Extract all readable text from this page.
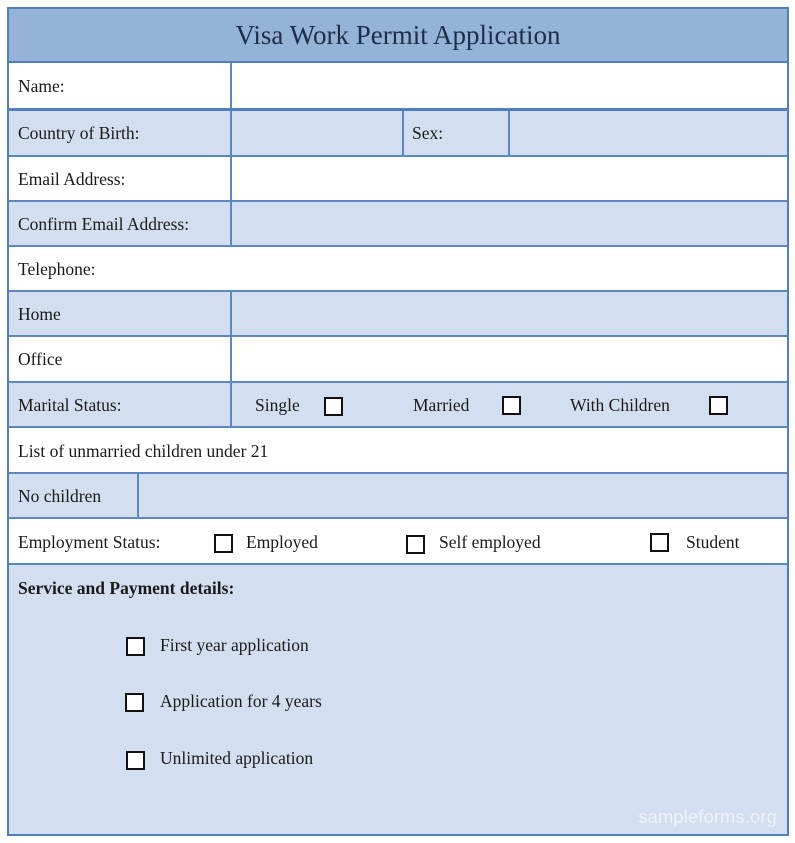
Visa Work Permit Application
Name:
Country of Birth:	Sex:
Email Address:
Confirm Email Address:
Telephone:
Home
Office
Marital Status:	Single	Married	With Children
List of unmarried children under 21
No children
Employment Status:	Employed	Self employed	Student
Service and Payment details:
First year application
Application for 4 years
Unlimited application
sampleforms.org
